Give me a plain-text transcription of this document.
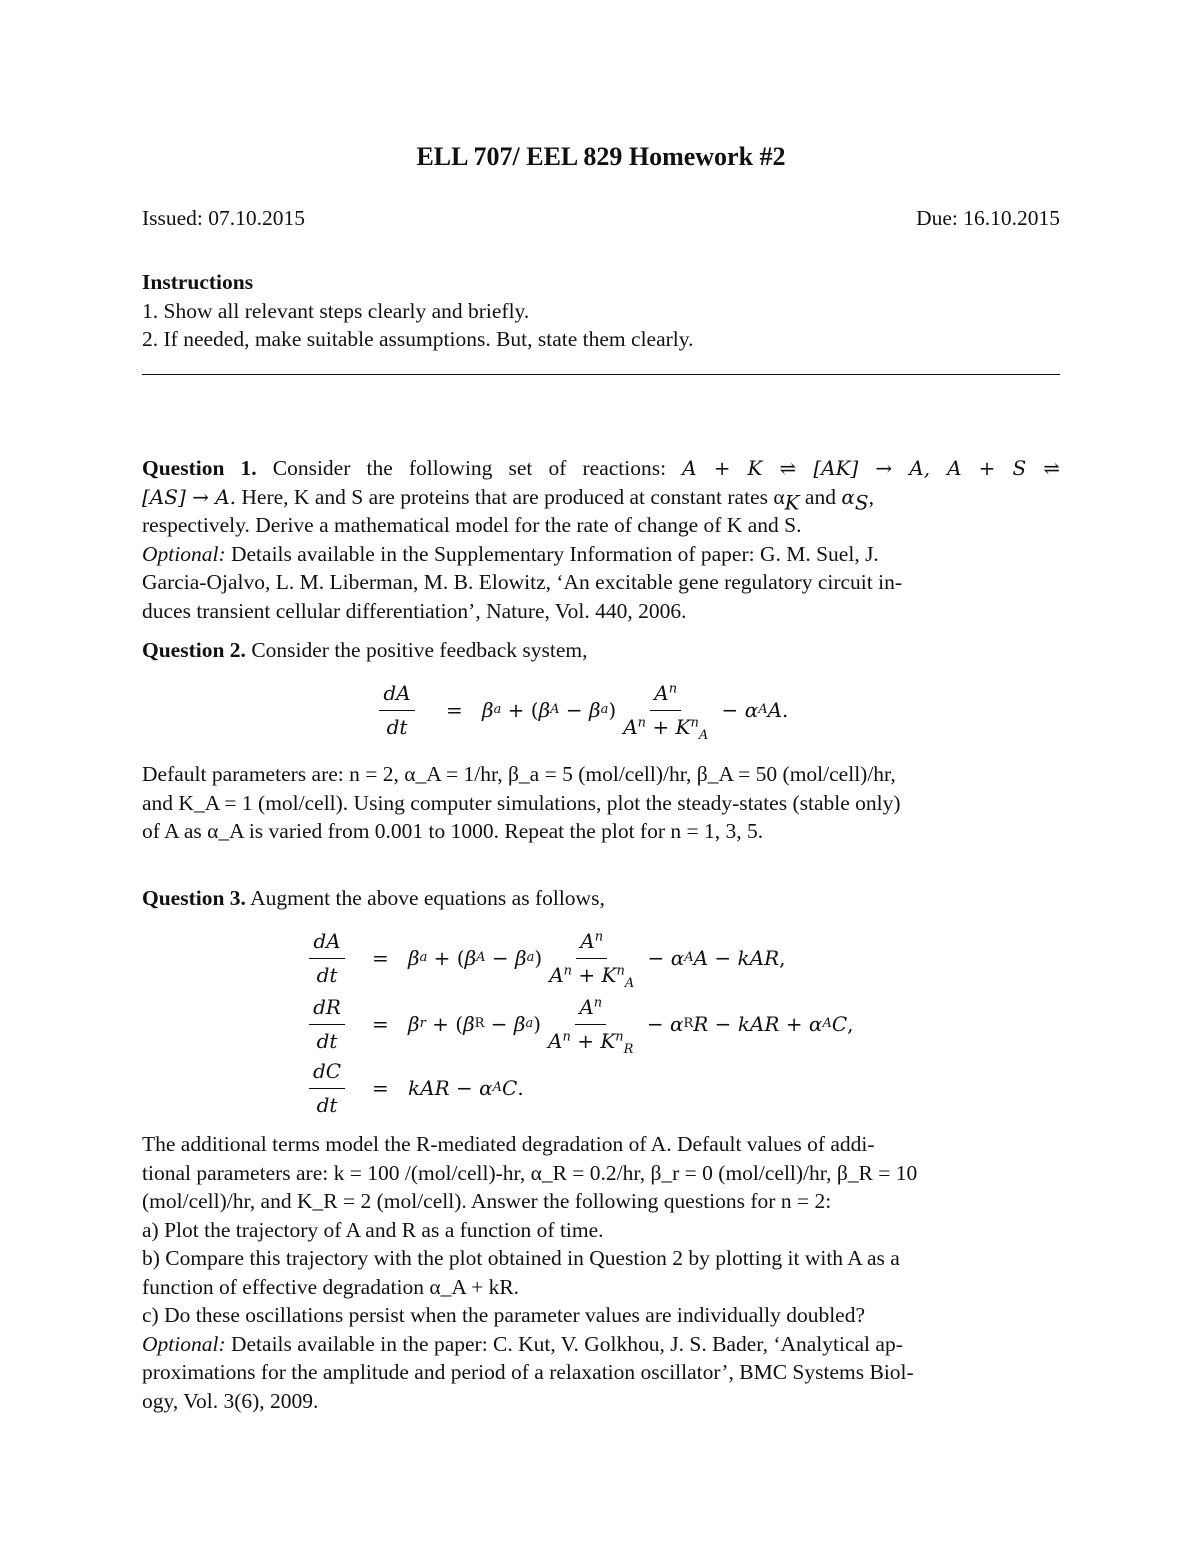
ELL 707/ EEL 829 Homework #2
Issued: 07.10.2015	Due: 16.10.2015
Instructions
1. Show all relevant steps clearly and briefly.
2. If needed, make suitable assumptions. But, state them clearly.
Question 1. Consider the following set of reactions: A + K ⇌ [AK] → A, A + S ⇌
[AS] → A. Here, K and S are proteins that are produced at constant rates $\alpha_K$ and $\alpha_S$,
respectively. Derive a mathematical model for the rate of change of K and S.
Optional: Details available in the Supplementary Information of paper: G. M. Suel, J.
Garcia-Ojalvo, L. M. Liberman, M. B. Elowitz, ‘An excitable gene regulatory circuit in-
duces transient cellular differentiation’, Nature, Vol. 440, 2006.
Question 2. Consider the positive feedback system,
$\frac{dA}{dt} = \beta$ a + ( β A − β a ) $\frac{A^n}{A^n + K^n_A} - \alpha$ A A .
Default parameters are: n = 2, α_A = 1/hr, β_a = 5 (mol/cell)/hr, β_A = 50 (mol/cell)/hr,
and K_A = 1 (mol/cell). Using computer simulations, plot the steady-states (stable only)
of A as α_A is varied from 0.001 to 1000. Repeat the plot for n = 1, 3, 5.
Question 3. Augment the above equations as follows,
$\frac{dA}{dt} = \beta$ a + ( β A − β a ) $\frac{A^n}{A^n + K^n_A} - \alpha$ A A − kAR ,
$\frac{dR}{dt} = \beta$ r + ( β R − β a ) $\frac{A^n}{A^n + K^n_R} - \alpha$ R R − kAR + α A C ,
$\frac{dC}{dt}$ = kAR − α A C .
The additional terms model the R-mediated degradation of A. Default values of addi-
tional parameters are: k = 100 /(mol/cell)-hr, α_R = 0.2/hr, β_r = 0 (mol/cell)/hr, β_R = 10
(mol/cell)/hr, and K_R = 2 (mol/cell). Answer the following questions for n = 2:
a) Plot the trajectory of A and R as a function of time.
b) Compare this trajectory with the plot obtained in Question 2 by plotting it with A as a
function of effective degradation α_A + kR.
c) Do these oscillations persist when the parameter values are individually doubled?
Optional: Details available in the paper: C. Kut, V. Golkhou, J. S. Bader, ‘Analytical ap-
proximations for the amplitude and period of a relaxation oscillator’, BMC Systems Biol-
ogy, Vol. 3(6), 2009.
